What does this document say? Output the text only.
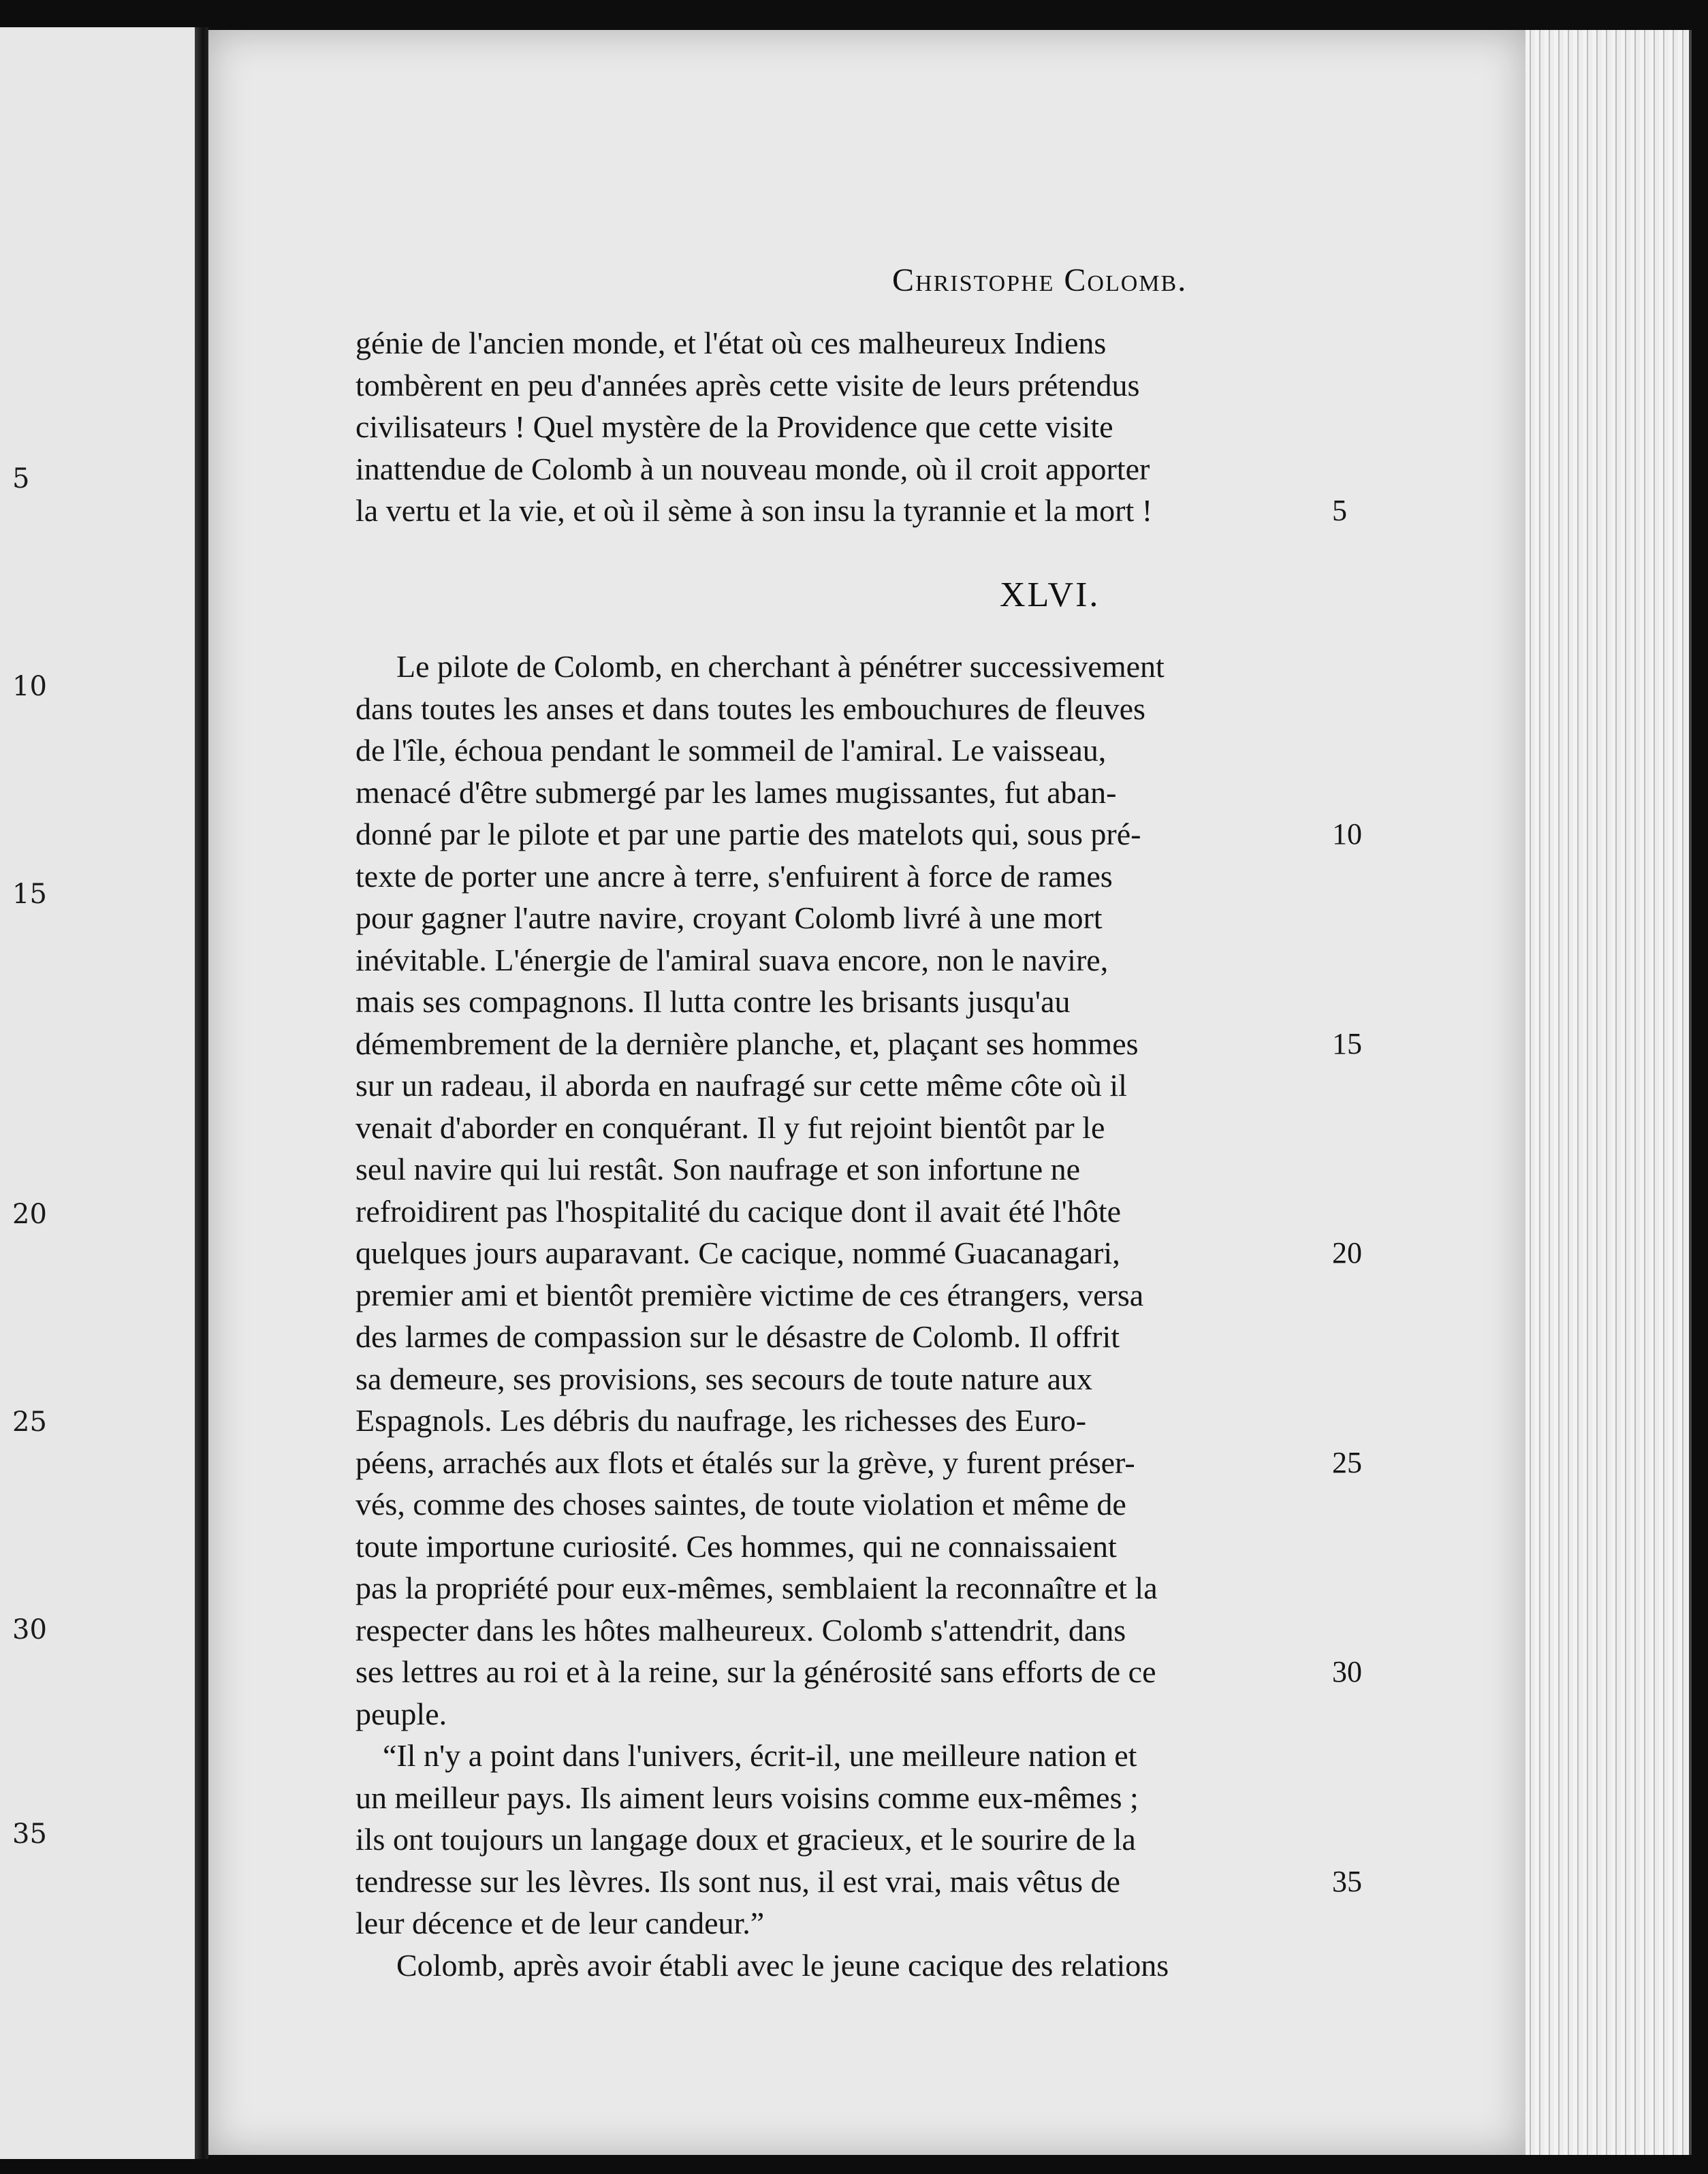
5
10
15
20
25
30
35
Christophe Colomb.
génie de l'ancien monde, et l'état où ces malheureux Indiens
tombèrent en peu d'années après cette visite de leurs prétendus
civilisateurs ! Quel mystère de la Providence que cette visite
inattendue de Colomb à un nouveau monde, où il croit apporter
la vertu et la vie, et où il sème à son insu la tyrannie et la mort !	5
Le pilote de Colomb, en cherchant à pénétrer successivement
dans toutes les anses et dans toutes les embouchures de fleuves
de l'île, échoua pendant le sommeil de l'amiral. Le vaisseau,
menacé d'être submergé par les lames mugissantes, fut aban-
donné par le pilote et par une partie des matelots qui, sous pré-	10
texte de porter une ancre à terre, s'enfuirent à force de rames
pour gagner l'autre navire, croyant Colomb livré à une mort
inévitable. L'énergie de l'amiral suava encore, non le navire,
mais ses compagnons. Il lutta contre les brisants jusqu'au
démembrement de la dernière planche, et, plaçant ses hommes	15
sur un radeau, il aborda en naufragé sur cette même côte où il
venait d'aborder en conquérant. Il y fut rejoint bientôt par le
seul navire qui lui restât. Son naufrage et son infortune ne
refroidirent pas l'hospitalité du cacique dont il avait été l'hôte
quelques jours auparavant. Ce cacique, nommé Guacanagari,	20
premier ami et bientôt première victime de ces étrangers, versa
des larmes de compassion sur le désastre de Colomb. Il offrit
sa demeure, ses provisions, ses secours de toute nature aux
Espagnols. Les débris du naufrage, les richesses des Euro-
péens, arrachés aux flots et étalés sur la grève, y furent préser-	25
vés, comme des choses saintes, de toute violation et même de
toute importune curiosité. Ces hommes, qui ne connaissaient
pas la propriété pour eux-mêmes, semblaient la reconnaître et la
respecter dans les hôtes malheureux. Colomb s'attendrit, dans
ses lettres au roi et à la reine, sur la générosité sans efforts de ce	30
peuple.
“Il n'y a point dans l'univers, écrit-il, une meilleure nation et
un meilleur pays. Ils aiment leurs voisins comme eux-mêmes ;
ils ont toujours un langage doux et gracieux, et le sourire de la
tendresse sur les lèvres. Ils sont nus, il est vrai, mais vêtus de	35
leur décence et de leur candeur.”
Colomb, après avoir établi avec le jeune cacique des relations
XLVI.
